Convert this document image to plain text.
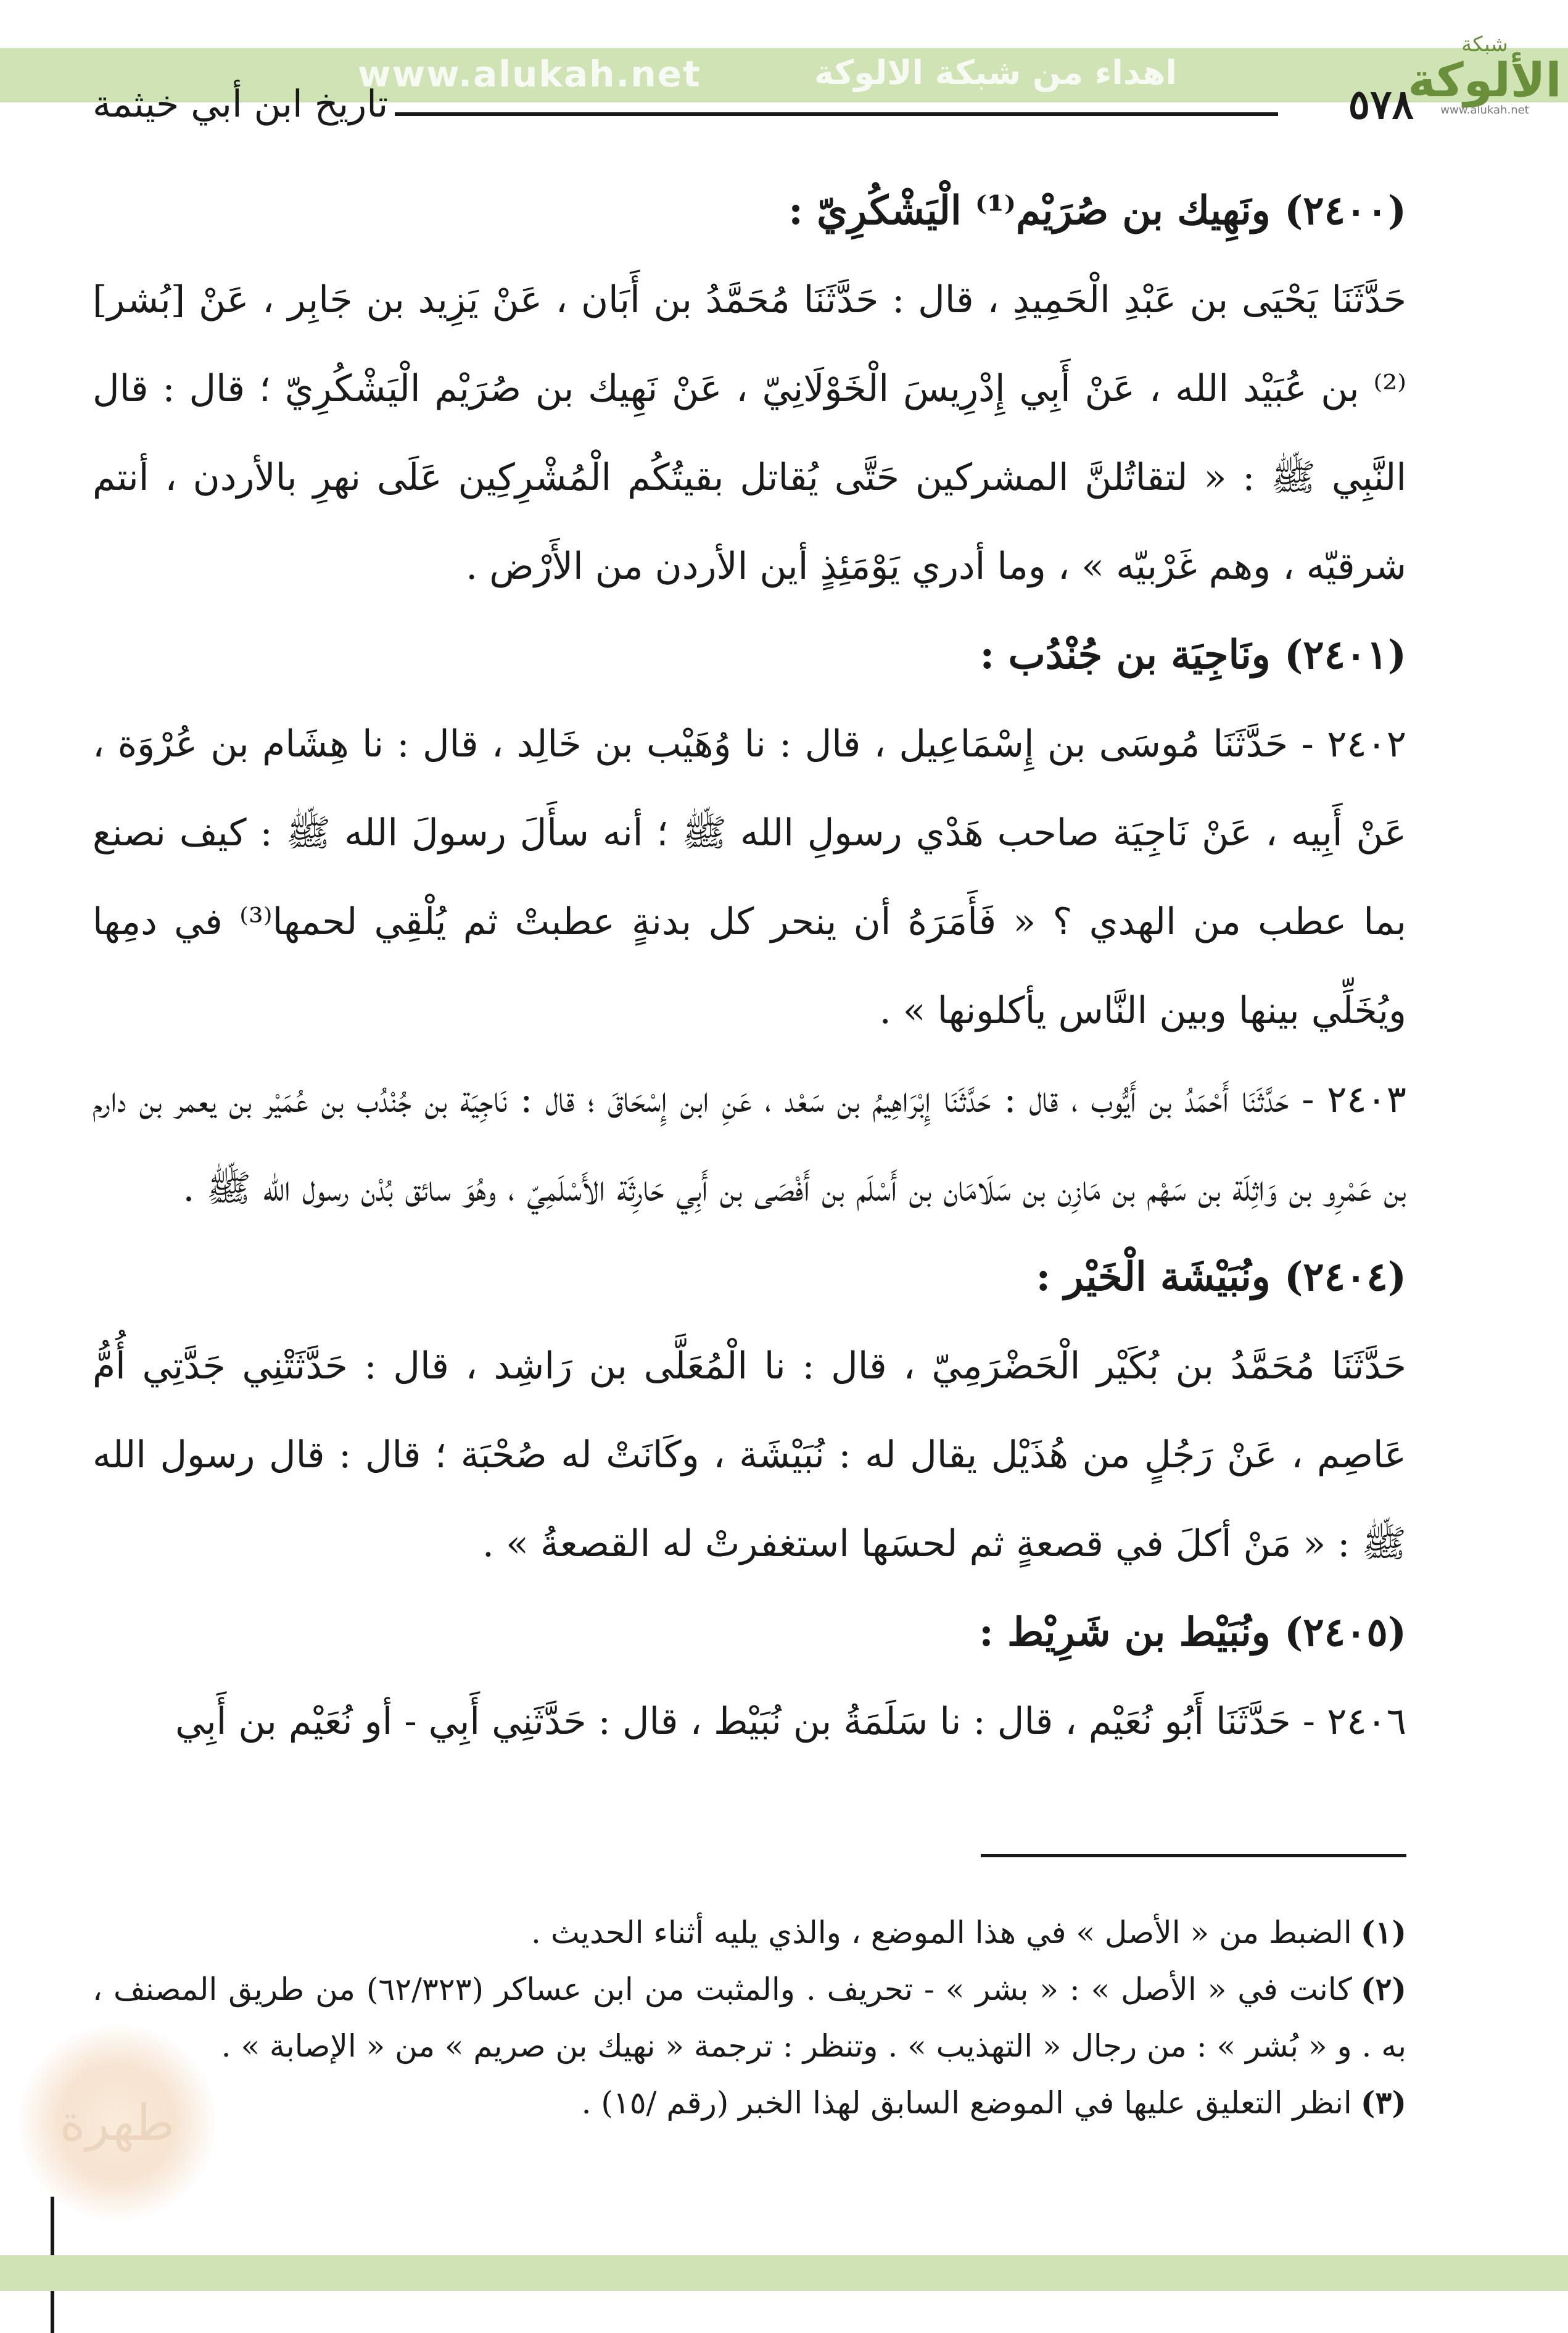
www.alukah.net	اهداء من شبكة الالوكة
شبكة
الألوكة
www.alukah.net
٥٧٨
تاريخ ابن أبي خيثمة

(٢٤٠٠) ونَهِيك بن صُرَيْم⁽¹⁾ الْيَشْكُرِيّ :

حَدَّثَنَا يَحْيَى بن عَبْدِ الْحَمِيدِ ، قال : حَدَّثَنَا مُحَمَّدُ بن أَبَان ، عَنْ يَزِيد بن جَابِر ، عَنْ [بُشر]⁽²⁾ بن عُبَيْد الله ، عَنْ أَبِي إِدْرِيسَ الْخَوْلَانِيّ ، عَنْ نَهِيك بن صُرَيْم الْيَشْكُرِيّ ؛ قال : قال النَّبِي ﷺ : « لتقاتُلنَّ المشركين حَتَّى يُقاتل بقيتُكُم الْمُشْرِكِين عَلَى نهرِ بالأردن ، أنتم شرقيّه ، وهم غَرْبيّه » ، وما أدري يَوْمَئِذٍ أين الأردن من الأَرْض .

(٢٤٠١) ونَاجِيَة بن جُنْدُب :

٢٤٠٢ - حَدَّثَنَا مُوسَى بن إِسْمَاعِيل ، قال : نا وُهَيْب بن خَالِد ، قال : نا هِشَام بن عُرْوَة ، عَنْ أَبِيه ، عَنْ نَاجِيَة صاحب هَدْي رسولِ الله ﷺ ؛ أنه سأَلَ رسولَ الله ﷺ : كيف نصنع بما عطب من الهدي ؟ « فَأَمَرَهُ أن ينحر كل بدنةٍ عطبتْ ثم يُلْقِي لحمها⁽³⁾ في دمِها ويُخَلِّي بينها وبين النَّاس يأكلونها » .

٢٤٠٣ - حَدَّثَنَا أَحْمَدُ بن أَيُّوب ، قال : حَدَّثَنَا إِبْرَاهِيمُ بن سَعْد ، عَنِ ابن إِسْحَاقَ ؛ قال : نَاجِيَة بن جُنْدُب بن عُمَيْر بن يعمر بن دارم بن عَمْرِو بن وَاثِلَة بن سَهْم بن مَازِن بن سَلَامَان بن أَسْلَم بن أَفْصَى بن أَبِي حَارِثَة الأَسْلَمِيّ ، وهُوَ سائق بُدْن رسول الله ﷺ .

(٢٤٠٤) ونُبَيْشَة الْخَيْر :

حَدَّثَنَا مُحَمَّدُ بن بُكَيْر الْحَضْرَمِيّ ، قال : نا الْمُعَلَّى بن رَاشِد ، قال : حَدَّثَتْنِي جَدَّتِي أُمُّ عَاصِم ، عَنْ رَجُلٍ من هُذَيْل يقال له : نُبَيْشَة ، وكَانَتْ له صُحْبَة ؛ قال : قال رسول الله ﷺ : « مَنْ أكلَ في قصعةٍ ثم لحسَها استغفرتْ له القصعةُ » .

(٢٤٠٥) ونُبَيْط بن شَرِيْط :

٢٤٠٦ - حَدَّثَنَا أَبُو نُعَيْم ، قال : نا سَلَمَةُ بن نُبَيْط ، قال : حَدَّثَنِي أَبِي - أو نُعَيْم بن أَبِي

(١)الضبط من « الأصل » في هذا الموضع ، والذي يليه أثناء الحديث .

(٢)كانت في « الأصل » : « بشر » - تحريف . والمثبت من ابن عساكر (٦٢/٣٢٣) من طريق المصنف ، به . و « بُشر » : من رجال « التهذيب » . وتنظر : ترجمة « نهيك بن صريم » من « الإصابة » .

(٣)انظر التعليق عليها في الموضع السابق لهذا الخبر (رقم /١٥) .

طهرة
